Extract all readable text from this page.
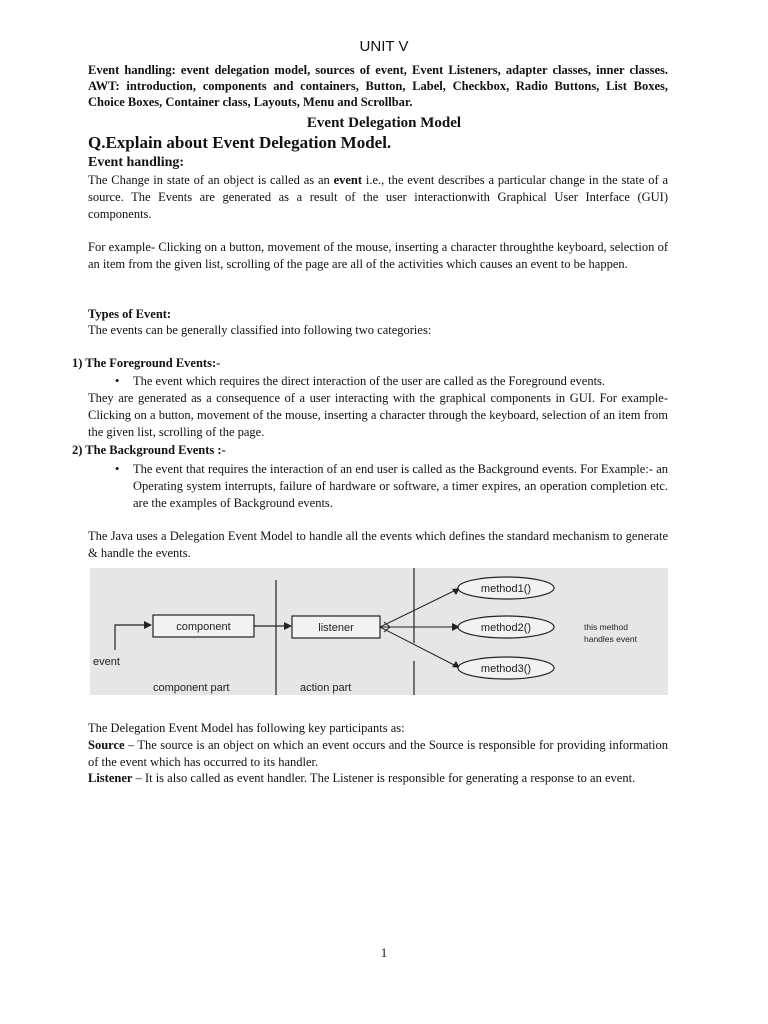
UNIT V
Event handling: event delegation model, sources of event, Event Listeners, adapter classes, inner classes. AWT: introduction, components and containers, Button, Label, Checkbox, Radio Buttons, List Boxes, Choice Boxes, Container class, Layouts, Menu and Scrollbar.
Event Delegation Model
Q.Explain about Event Delegation Model.
Event handling:
The Change in state of an object is called as an event i.e., the event describes a particular change in the state of a source. The Events are generated as a result of the user interactionwith Graphical User Interface (GUI) components.
For example- Clicking on a button, movement of the mouse, inserting a character throughthe keyboard, selection of an item from the given list, scrolling of the page are all of the activities which causes an event to be happen.
Types of Event:
The events can be generally classified into following two categories:
1) The Foreground Events:-
•	The event which requires the direct interaction of the user are called as the Foreground events.
They are generated as a consequence of a user interacting with the graphical components in GUI. For example- Clicking on a button, movement of the mouse, inserting a character through the keyboard, selection of an item from the given list, scrolling of the page.
2) The Background Events :-
•	The event that requires the interaction of an end user is called as the Background events. For Example:- an Operating system interrupts, failure of hardware or software, a timer expires, an operation completion etc. are the examples of Background events.
The Java uses a Delegation Event Model to handle all the events which defines the standard mechanism to generate & handle the events.
component	listener
method1()
method2()
method3()
this method
handles event
event
component part	action part
The Delegation Event Model has following key participants as:
Source – The source is an object on which an event occurs and the Source is responsible for providing information of the event which has occurred to its handler.
Listener – It is also called as event handler. The Listener is responsible for generating a response to an event.
1
